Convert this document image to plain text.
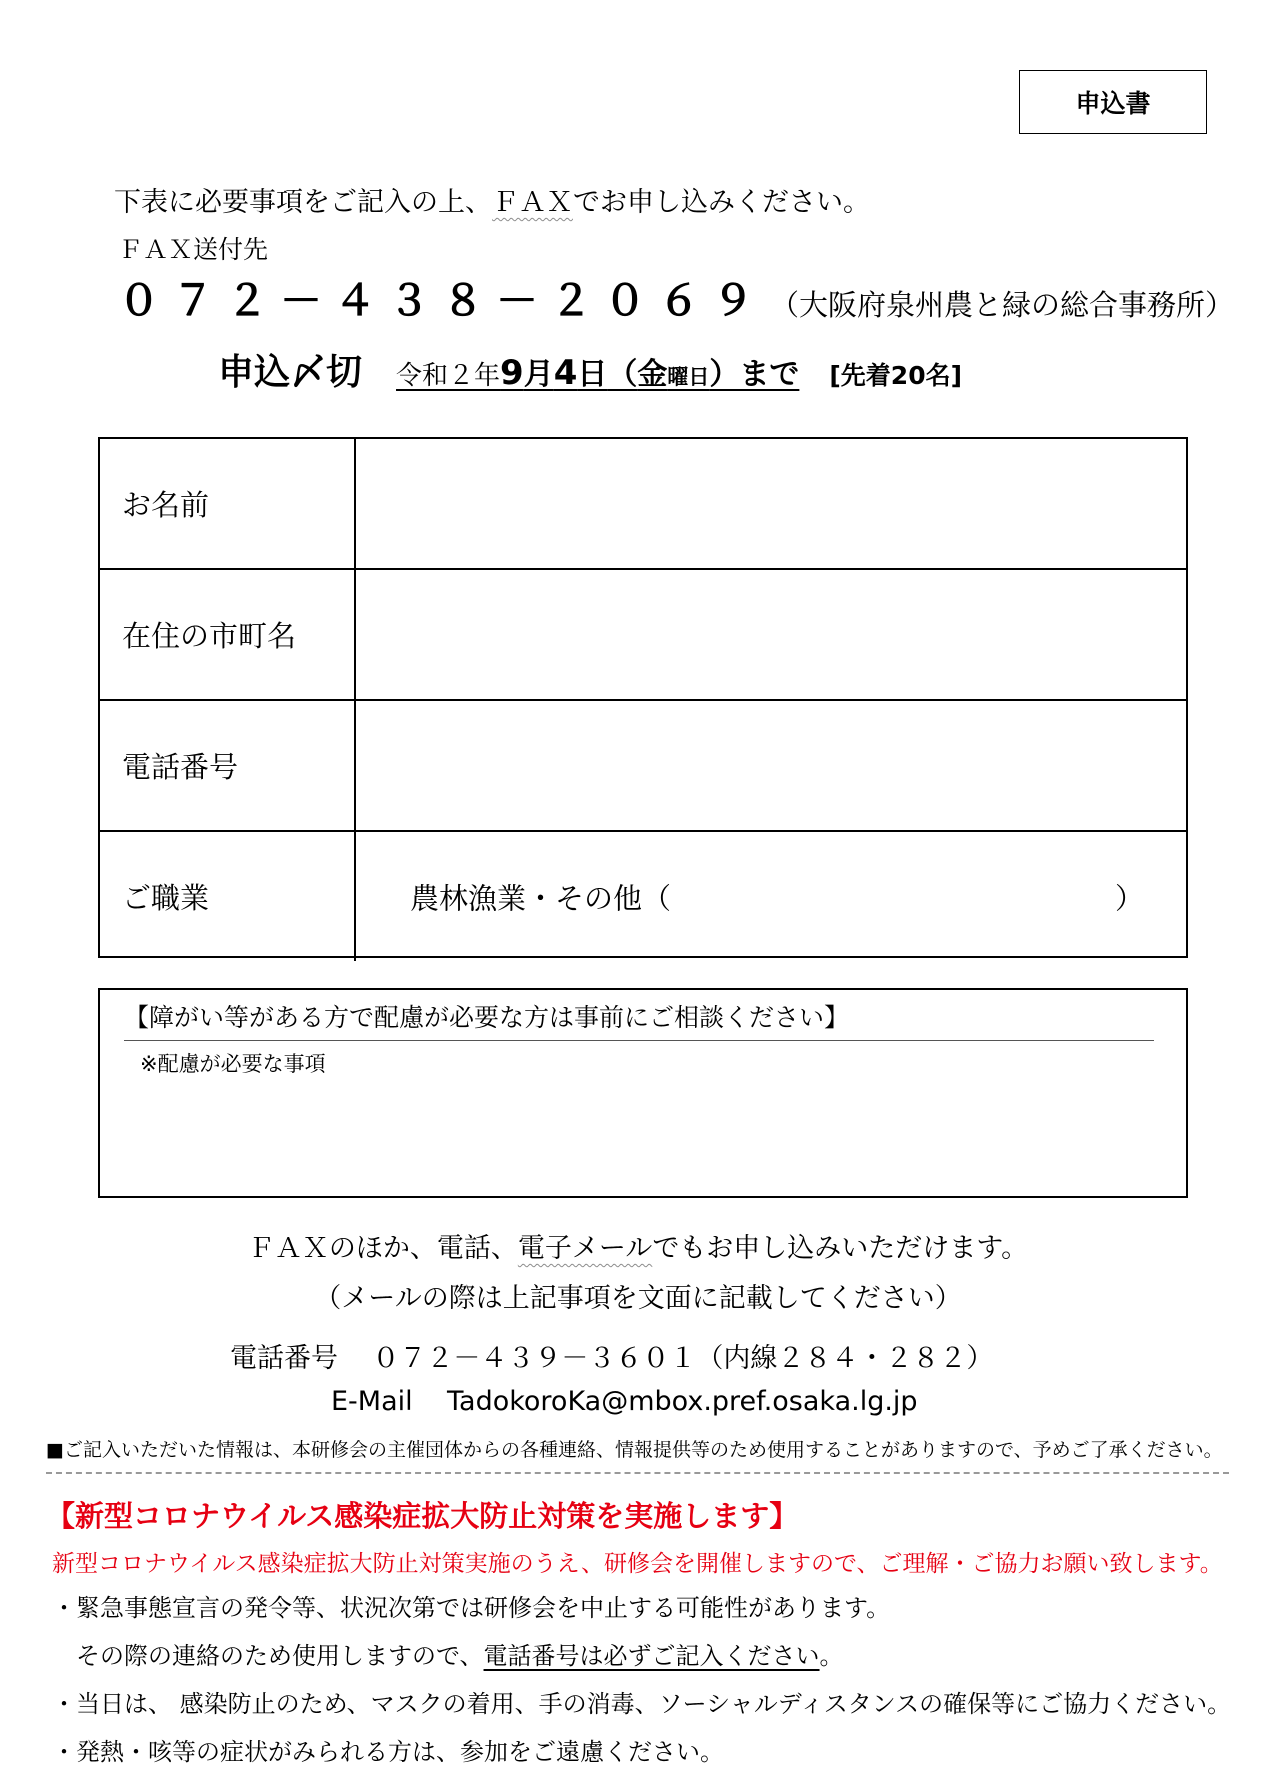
申込書
下表に必要事項をご記入の上、ＦＡＸでお申し込みください。
ＦＡＸ送付先
０７２－４３８－２０６９ （大阪府泉州農と緑の総合事務所）
申込〆切 令和２年9月4日（金曜日）まで [先着20名]
お名前	
在住の市町名	
電話番号	
ご職業	農林漁業・その他（ ）
【障がい等がある方で配慮が必要な方は事前にご相談ください】
※配慮が必要な事項
ＦＡＸのほか、電話、電子メールでもお申し込みいただけます。
（メールの際は上記事項を文面に記載してください）
電話番号 ０７２－４３９－３６０１（内線２８４・２８２）
E-Mail TadokoroKa@mbox.pref.osaka.lg.jp
■ご記入いただいた情報は、本研修会の主催団体からの各種連絡、情報提供等のため使用することがありますので、予めご了承ください。
【新型コロナウイルス感染症拡大防止対策を実施します】
新型コロナウイルス感染症拡大防止対策実施のうえ、研修会を開催しますので、ご理解・ご協力お願い致します。
・緊急事態宣言の発令等、状況次第では研修会を中止する可能性があります。
その際の連絡のため使用しますので、電話番号は必ずご記入ください。
・当日は、 感染防止のため、マスクの着用、手の消毒、ソーシャルディスタンスの確保等にご協力ください。
・発熱・咳等の症状がみられる方は、参加をご遠慮ください。
